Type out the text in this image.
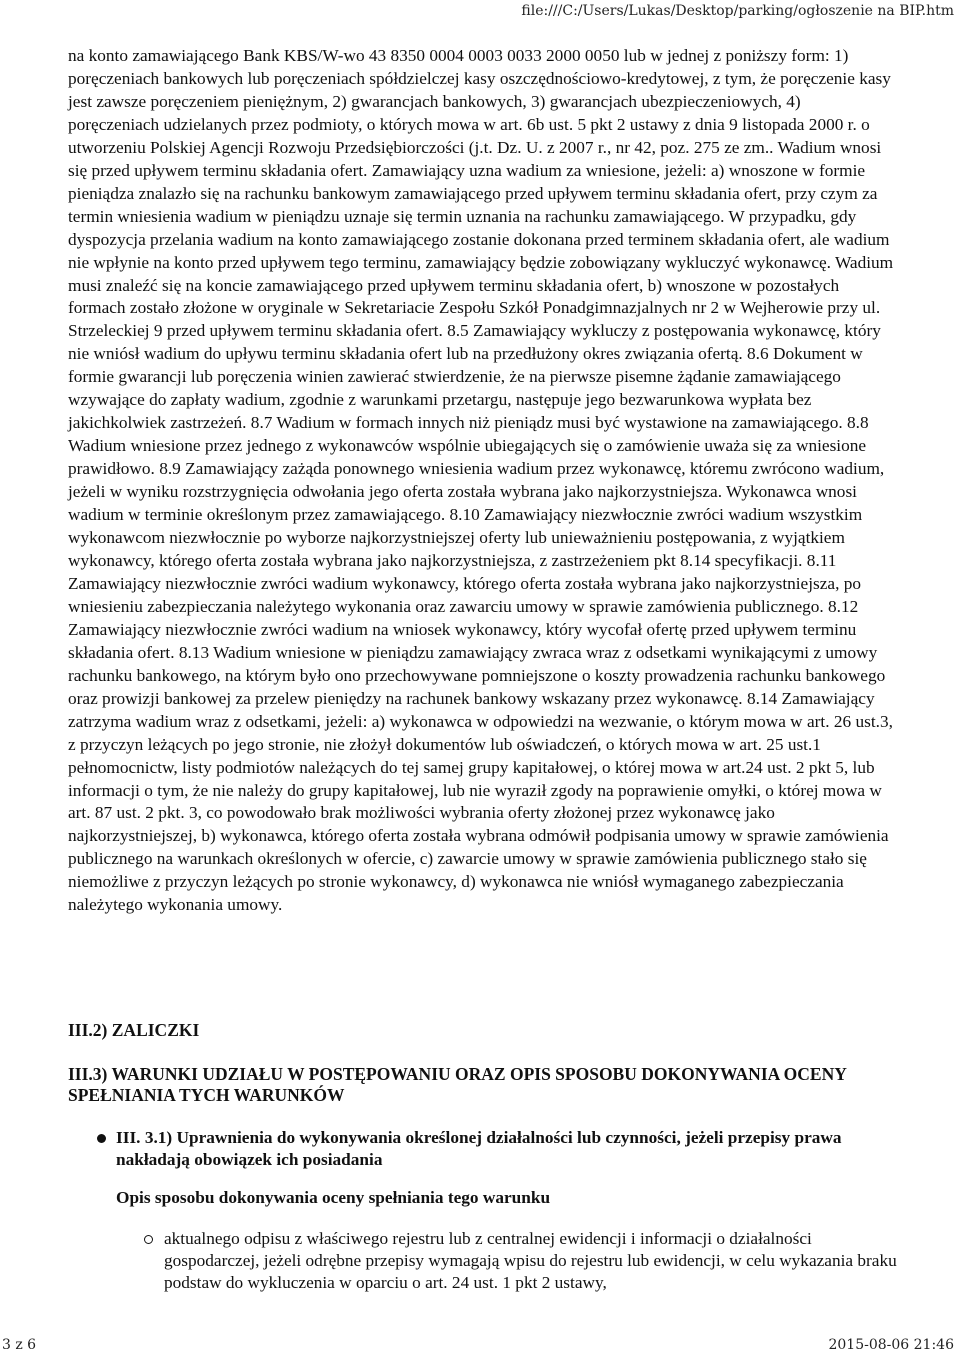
file:///C:/Users/Lukas/Desktop/parking/ogłoszenie na BIP.htm

na konto zamawiającego Bank KBS/W-wo 43 8350 0004 0003 0033 2000 0050 lub w jednej z poniższy form: 1) poręczeniach bankowych lub poręczeniach spółdzielczej kasy oszczędnościowo-kredytowej, z tym, że poręczenie kasy jest zawsze poręczeniem pieniężnym, 2) gwarancjach bankowych, 3) gwarancjach ubezpieczeniowych, 4) poręczeniach udzielanych przez podmioty, o których mowa w art. 6b ust. 5 pkt 2 ustawy z dnia 9 listopada 2000 r. o utworzeniu Polskiej Agencji Rozwoju Przedsiębiorczości (j.t. Dz. U. z 2007 r., nr 42, poz. 275 ze zm.. Wadium wnosi się przed upływem terminu składania ofert. Zamawiający uzna wadium za wniesione, jeżeli: a) wnoszone w formie pieniądza znalazło się na rachunku bankowym zamawiającego przed upływem terminu składania ofert, przy czym za termin wniesienia wadium w pieniądzu uznaje się termin uznania na rachunku zamawiającego. W przypadku, gdy dyspozycja przelania wadium na konto zamawiającego zostanie dokonana przed terminem składania ofert, ale wadium nie wpłynie na konto przed upływem tego terminu, zamawiający będzie zobowiązany wykluczyć wykonawcę. Wadium musi znaleźć się na koncie zamawiającego przed upływem terminu składania ofert, b) wnoszone w pozostałych formach zostało złożone w oryginale w Sekretariacie Zespołu Szkół Ponadgimnazjalnych nr 2 w Wejherowie przy ul. Strzeleckiej 9 przed upływem terminu składania ofert. 8.5 Zamawiający wykluczy z postępowania wykonawcę, który nie wniósł wadium do upływu terminu składania ofert lub na przedłużony okres związania ofertą. 8.6 Dokument w formie gwarancji lub poręczenia winien zawierać stwierdzenie, że na pierwsze pisemne żądanie zamawiającego wzywające do zapłaty wadium, zgodnie z warunkami przetargu, następuje jego bezwarunkowa wypłata bez jakichkolwiek zastrzeżeń. 8.7 Wadium w formach innych niż pieniądz musi być wystawione na zamawiającego. 8.8 Wadium wniesione przez jednego z wykonawców wspólnie ubiegających się o zamówienie uważa się za wniesione prawidłowo. 8.9 Zamawiający zażąda ponownego wniesienia wadium przez wykonawcę, któremu zwrócono wadium, jeżeli w wyniku rozstrzygnięcia odwołania jego oferta została wybrana jako najkorzystniejsza. Wykonawca wnosi wadium w terminie określonym przez zamawiającego. 8.10 Zamawiający niezwłocznie zwróci wadium wszystkim wykonawcom niezwłocznie po wyborze najkorzystniejszej oferty lub unieważnieniu postępowania, z wyjątkiem wykonawcy, którego oferta została wybrana jako najkorzystniejsza, z zastrzeżeniem pkt 8.14 specyfikacji. 8.11 Zamawiający niezwłocznie zwróci wadium wykonawcy, którego oferta została wybrana jako najkorzystniejsza, po wniesieniu zabezpieczania należytego wykonania oraz zawarciu umowy w sprawie zamówienia publicznego. 8.12 Zamawiający niezwłocznie zwróci wadium na wniosek wykonawcy, który wycofał ofertę przed upływem terminu składania ofert. 8.13 Wadium wniesione w pieniądzu zamawiający zwraca wraz z odsetkami wynikającymi z umowy rachunku bankowego, na którym było ono przechowywane pomniejszone o koszty prowadzenia rachunku bankowego oraz prowizji bankowej za przelew pieniędzy na rachunek bankowy wskazany przez wykonawcę. 8.14 Zamawiający zatrzyma wadium wraz z odsetkami, jeżeli: a) wykonawca w odpowiedzi na wezwanie, o którym mowa w art. 26 ust.3, z przyczyn leżących po jego stronie, nie złożył dokumentów lub oświadczeń, o których mowa w art. 25 ust.1 pełnomocnictw, listy podmiotów należących do tej samej grupy kapitałowej, o której mowa w art.24 ust. 2 pkt 5, lub informacji o tym, że nie należy do grupy kapitałowej, lub nie wyraził zgody na poprawienie omyłki, o której mowa w art. 87 ust. 2 pkt. 3, co powodowało brak możliwości wybrania oferty złożonej przez wykonawcę jako najkorzystniejszej, b) wykonawca, którego oferta została wybrana odmówił podpisania umowy w sprawie zamówienia publicznego na warunkach określonych w ofercie, c) zawarcie umowy w sprawie zamówienia publicznego stało się niemożliwe z przyczyn leżących po stronie wykonawcy, d) wykonawca nie wniósł wymaganego zabezpieczania należytego wykonania umowy.

III.2) ZALICZKI
III.3) WARUNKI UDZIAŁU W POSTĘPOWANIU ORAZ OPIS SPOSOBU DOKONYWANIA OCENY SPEŁNIANIA TYCH WARUNKÓW
III. 3.1) Uprawnienia do wykonywania określonej działalności lub czynności, jeżeli przepisy prawa nakładają obowiązek ich posiadania
Opis sposobu dokonywania oceny spełniania tego warunku
aktualnego odpisu z właściwego rejestru lub z centralnej ewidencji i informacji o działalności gospodarczej, jeżeli odrębne przepisy wymagają wpisu do rejestru lub ewidencji, w celu wykazania braku podstaw do wykluczenia w oparciu o art. 24 ust. 1 pkt 2 ustawy,
3 z 6	2015-08-06 21:46
